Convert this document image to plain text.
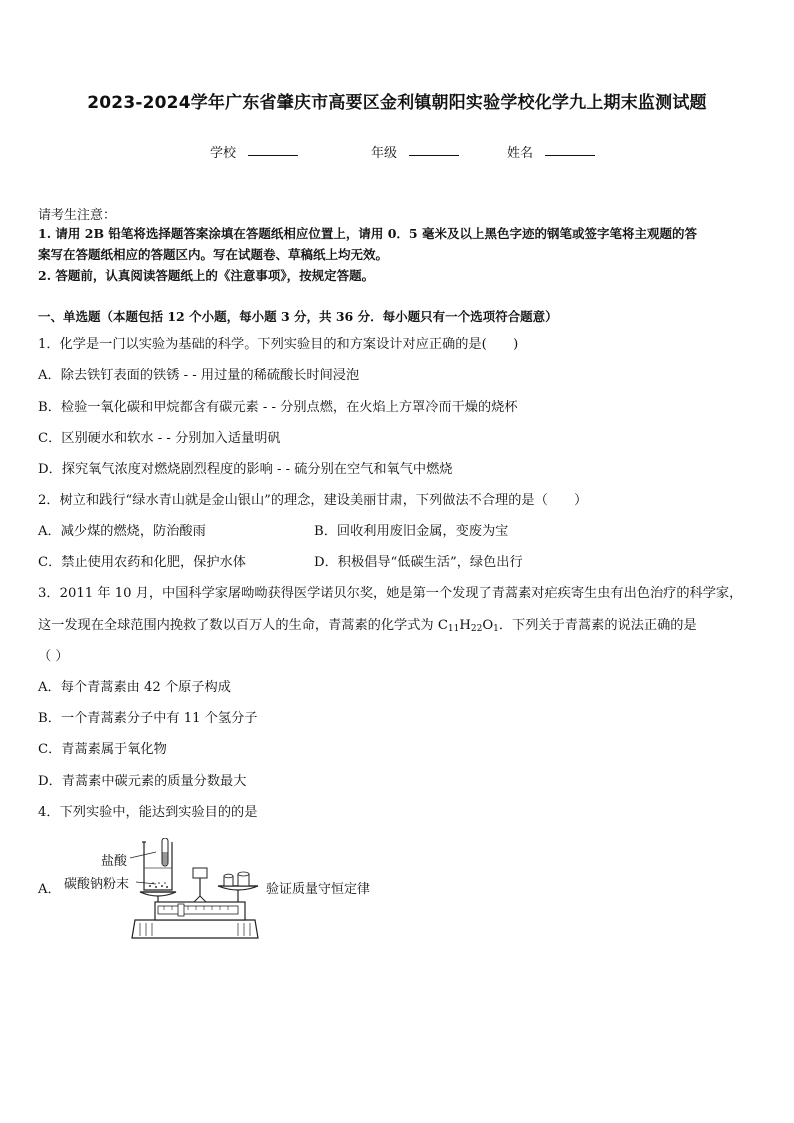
2023-2024学年广东省肇庆市高要区金利镇朝阳实验学校化学九上期末监测试题
学校	年级	姓名
请考生注意：
1. 请用 2B 铅笔将选择题答案涂填在答题纸相应位置上，请用 0．5 毫米及以上黑色字迹的钢笔或签字笔将主观题的答
案写在答题纸相应的答题区内。写在试题卷、草稿纸上均无效。
2. 答题前，认真阅读答题纸上的《注意事项》，按规定答题。
一、单选题（本题包括 12 个小题，每小题 3 分，共 36 分．每小题只有一个选项符合题意）
1．化学是一门以实验为基础的科学。下列实验目的和方案设计对应正确的是(　　)
A．除去铁钉表面的铁锈 - - 用过量的稀硫酸长时间浸泡
B．检验一氧化碳和甲烷都含有碳元素 - - 分别点燃，在火焰上方罩冷而干燥的烧杯
C．区别硬水和软水 - - 分别加入适量明矾
D．探究氧气浓度对燃烧剧烈程度的影响 - - 硫分别在空气和氧气中燃烧
2．树立和践行“绿水青山就是金山银山”的理念，建设美丽甘肃，下列做法不合理的是（　　）
A．减少煤的燃烧，防治酸雨	B．回收利用废旧金属，变废为宝
C．禁止使用农药和化肥，保护水体	D．积极倡导“低碳生活”，绿色出行
3．2011 年 10 月，中国科学家屠呦呦获得医学诺贝尔奖，她是第一个发现了青蒿素对疟疾寄生虫有出色治疗的科学家，
这一发现在全球范围内挽救了数以百万人的生命，青蒿素的化学式为 $C_{11}H_{22}O_1$．下列关于青蒿素的说法正确的是
（ ）
A．每个青蒿素由 42 个原子构成
B．一个青蒿素分子中有 11 个氢分子
C．青蒿素属于氧化物
D．青蒿素中碳元素的质量分数最大
4．下列实验中，能达到实验目的的是
A．
盐酸
碳酸钠粉末	验证质量守恒定律
